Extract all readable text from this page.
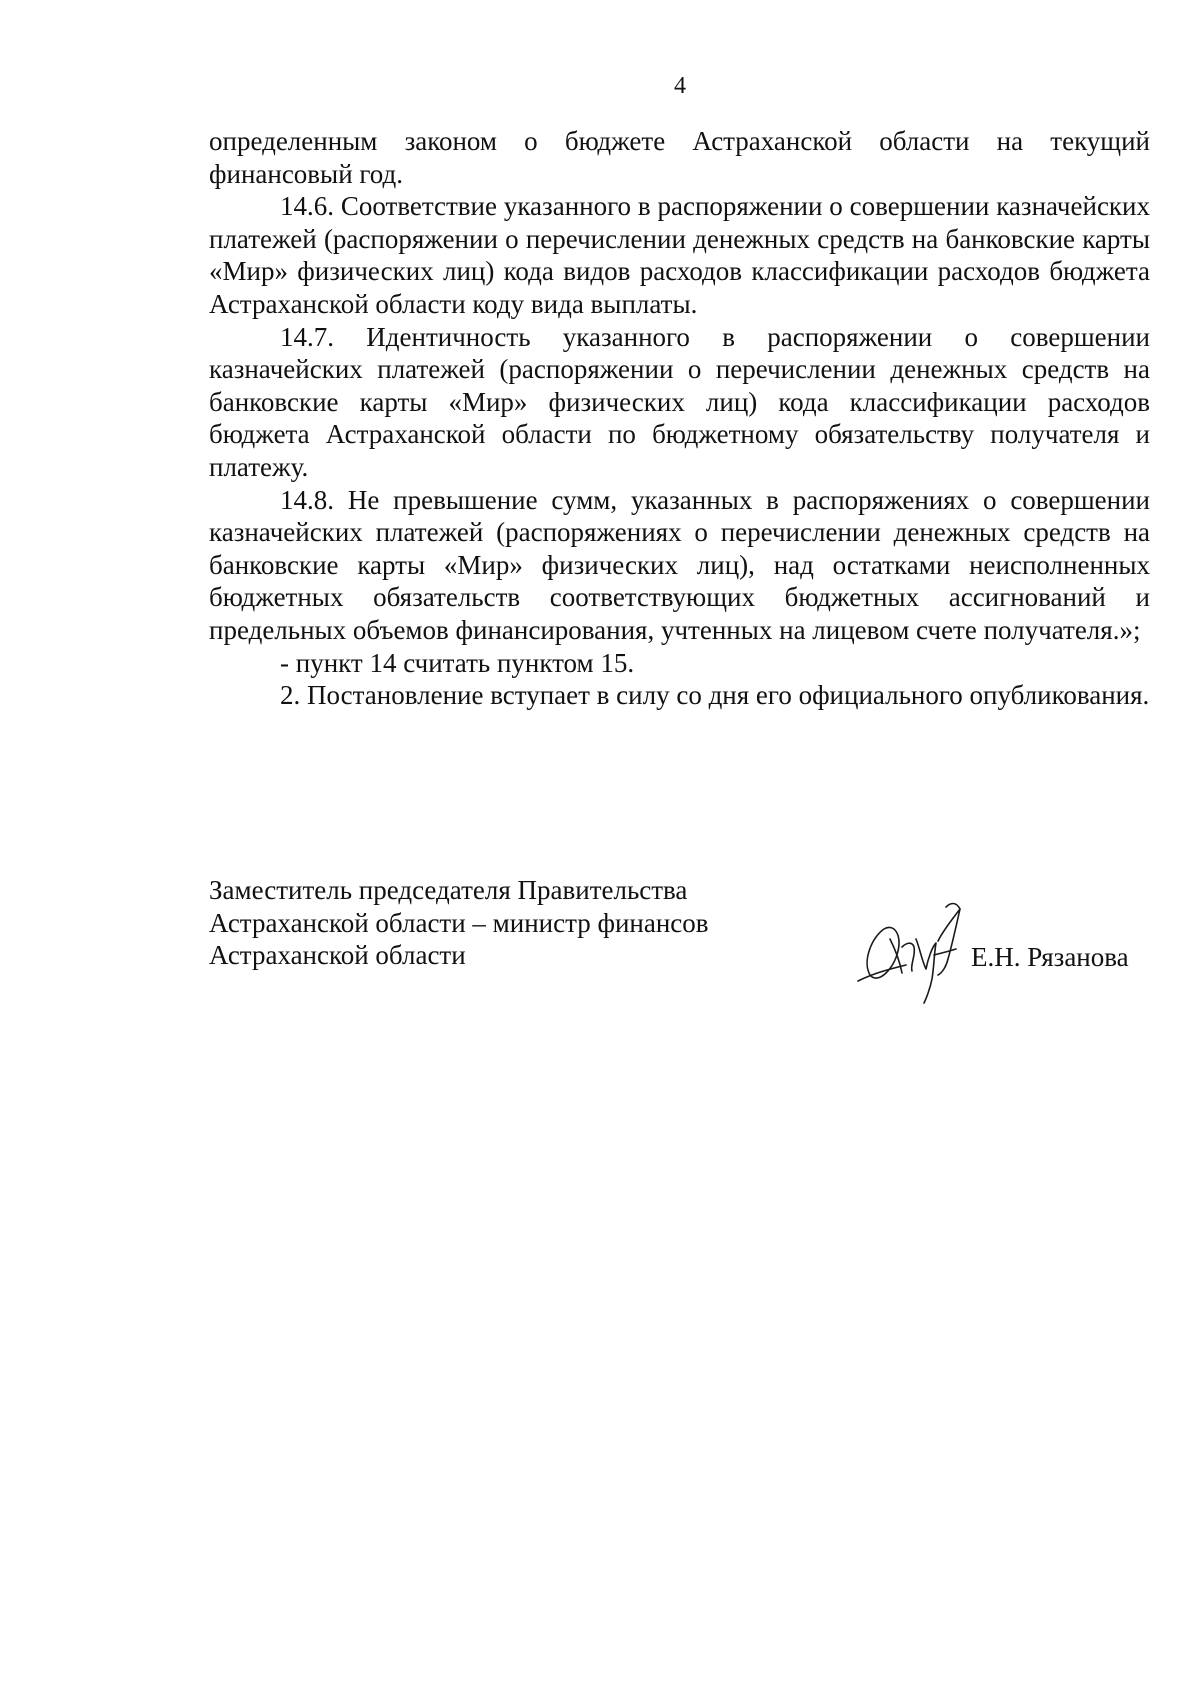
4

определенным законом о бюджете Астраханской области на текущий финансовый год.

14.6. Соответствие указанного в распоряжении о совершении казначейских платежей (распоряжении о перечислении денежных средств на банковские карты «Мир» физических лиц) кода видов расходов классификации расходов бюджета Астраханской области коду вида выплаты.

14.7. Идентичность указанного в распоряжении о совершении казначейских платежей (распоряжении о перечислении денежных средств на банковские карты «Мир» физических лиц) кода классификации расходов бюджета Астраханской области по бюджетному обязательству получателя и платежу.

14.8. Не превышение сумм, указанных в распоряжениях о совершении казначейских платежей (распоряжениях о перечислении денежных средств на банковские карты «Мир» физических лиц), над остатками неисполненных бюджетных обязательств соответствующих бюджетных ассигнований и предельных объемов финансирования, учтенных на лицевом счете получателя.»;

- пункт 14 считать пунктом 15.

2. Постановление вступает в силу со дня его официального опубликования.

Заместитель председателя Правительства
Астраханской области – министр финансов
Астраханской области	Е.Н. Рязанова
